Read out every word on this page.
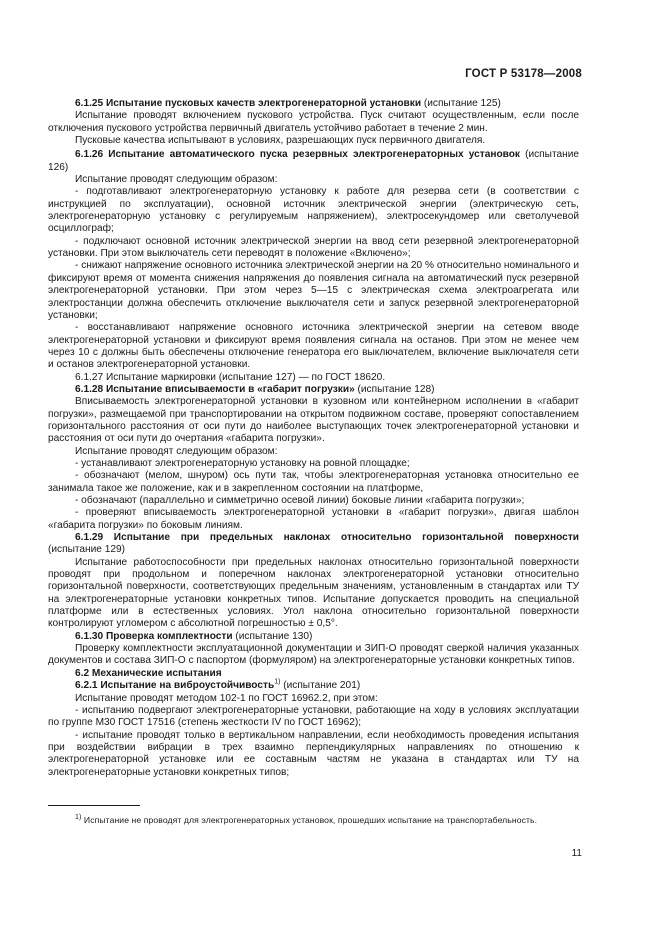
ГОСТ Р 53178—2008

6.1.25 Испытание пусковых качеств электрогенераторной установки (испытание 125)

Испытание проводят включением пускового устройства. Пуск считают осуществленным, если после отключения пускового устройства первичный двигатель устойчиво работает в течение 2 мин.

Пусковые качества испытывают в условиях, разрешающих пуск первичного двигателя.

6.1.26 Испытание автоматического пуска резервных электрогенераторных установок (испытание 126)

Испытание проводят следующим образом:

- подготавливают электрогенераторную установку к работе для резерва сети (в соответствии с инструкцией по эксплуатации), основной источник электрической энергии (электрическую сеть, электрогенераторную установку с регулируемым напряжением), электросекундомер или светолучевой осциллограф;

- подключают основной источник электрической энергии на ввод сети резервной электрогенераторной установки. При этом выключатель сети переводят в положение «Включено»;

- снижают напряжение основного источника электрической энергии на 20 % относительно номинального и фиксируют время от момента снижения напряжения до появления сигнала на автоматический пуск резервной электрогенераторной установки. При этом через 5—15 с электрическая схема электроагрегата или электростанции должна обеспечить отключение выключателя сети и запуск резервной электрогенераторной установки;

- восстанавливают напряжение основного источника электрической энергии на сетевом вводе электрогенераторной установки и фиксируют время появления сигнала на останов. При этом не менее чем через 10 с должны быть обеспечены отключение генератора его выключателем, включение выключателя сети и останов электрогенераторной установки.

6.1.27 Испытание маркировки (испытание 127) — по ГОСТ 18620.

6.1.28 Испытание вписываемости в «габарит погрузки» (испытание 128)

Вписываемость электрогенераторной установки в кузовном или контейнерном исполнении в «габарит погрузки», размещаемой при транспортировании на открытом подвижном составе, проверяют сопоставлением горизонтального расстояния от оси пути до наиболее выступающих точек электрогенераторной установки и расстояния от оси пути до очертания «габарита погрузки».

Испытание проводят следующим образом:

- устанавливают электрогенераторную установку на ровной площадке;

- обозначают (мелом, шнуром) ось пути так, чтобы электрогенераторная установка относительно ее занимала такое же положение, как и в закрепленном состоянии на платформе,

- обозначают (параллельно и симметрично осевой линии) боковые линии «габарита погрузки»;

- проверяют вписываемость электрогенераторной установки в «габарит погрузки», двигая шаблон «габарита погрузки» по боковым линиям.

6.1.29 Испытание при предельных наклонах относительно горизонтальной поверхности (испытание 129)

Испытание работоспособности при предельных наклонах относительно горизонтальной поверхности проводят при продольном и поперечном наклонах электрогенераторной установки относительно горизонтальной поверхности, соответствующих предельным значениям, установленным в стандартах или ТУ на электрогенераторные установки конкретных типов. Испытание допускается проводить на специальной платформе или в естественных условиях. Угол наклона относительно горизонтальной поверхности контролируют угломером с абсолютной погрешностью ± 0,5°.

6.1.30 Проверка комплектности (испытание 130)

Проверку комплектности эксплуатационной документации и ЗИП-О проводят сверкой наличия указанных документов и состава ЗИП-О с паспортом (формуляром) на электрогенераторные установки конкретных типов.

6.2 Механические испытания

6.2.1 Испытание на виброустойчивость$^{1)}$ (испытание 201)

Испытание проводят методом 102-1 по ГОСТ 16962.2, при этом:

- испытанию подвергают электрогенераторные установки, работающие на ходу в условиях эксплуатации по группе М30 ГОСТ 17516 (степень жесткости IV по ГОСТ 16962);

- испытание проводят только в вертикальном направлении, если необходимость проведения испытания при воздействии вибрации в трех взаимно перпендикулярных направлениях по отношению к электрогенераторной установке или ее составным частям не указана в стандартах или ТУ на электрогенераторные установки конкретных типов;

$^{1)}$ Испытание не проводят для электрогенераторных установок, прошедших испытание на транспортабельность.
11
